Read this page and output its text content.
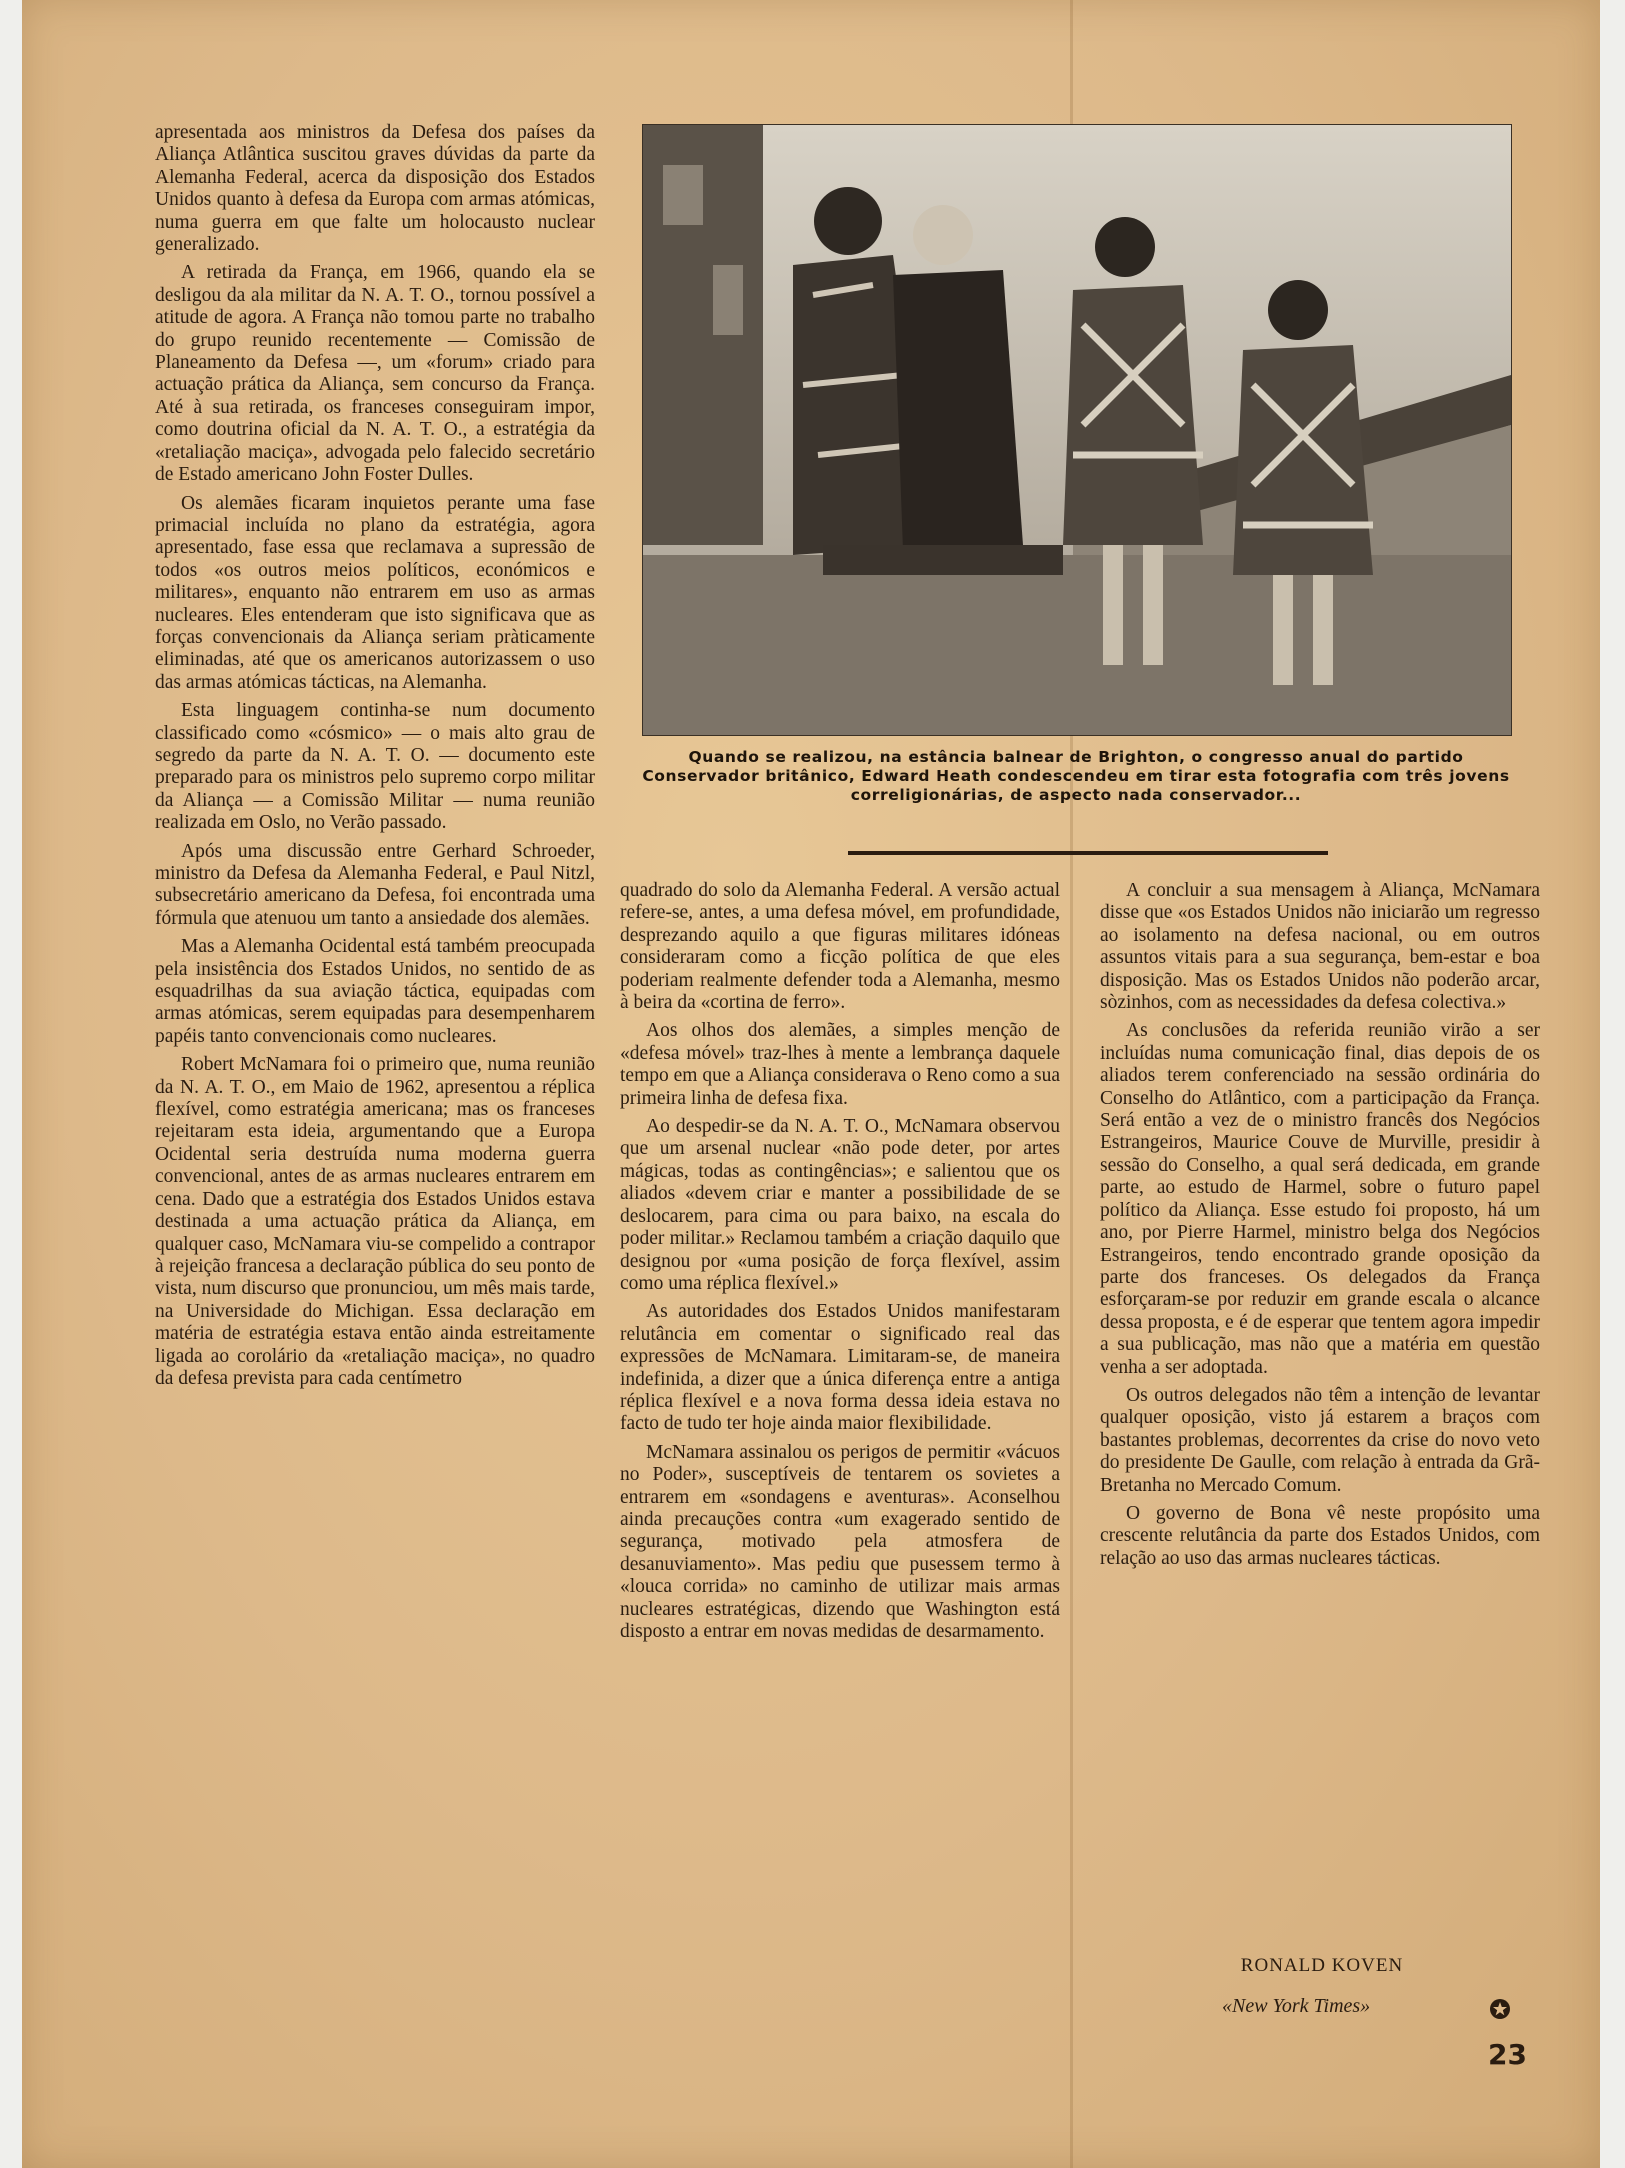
apresentada aos ministros da Defesa dos países da Aliança Atlântica suscitou graves dúvidas da parte da Alemanha Federal, acerca da disposição dos Estados Unidos quanto à defesa da Europa com armas atómicas, numa guerra em que falte um holocausto nuclear generalizado.

A retirada da França, em 1966, quando ela se desligou da ala militar da N. A. T. O., tornou possível a atitude de agora. A França não tomou parte no trabalho do grupo reunido recentemente — Comissão de Planeamento da Defesa —, um «forum» criado para actuação prática da Aliança, sem concurso da França. Até à sua retirada, os franceses conseguiram impor, como doutrina oficial da N. A. T. O., a estratégia da «retaliação maciça», advogada pelo falecido secretário de Estado americano John Foster Dulles.

Os alemães ficaram inquietos perante uma fase primacial incluída no plano da estratégia, agora apresentado, fase essa que reclamava a supressão de todos «os outros meios políticos, económicos e militares», enquanto não entrarem em uso as armas nucleares. Eles entenderam que isto significava que as forças convencionais da Aliança seriam pràticamente eliminadas, até que os americanos autorizassem o uso das armas atómicas tácticas, na Alemanha.

Esta linguagem continha-se num documento classificado como «cósmico» — o mais alto grau de segredo da parte da N. A. T. O. — documento este preparado para os ministros pelo supremo corpo militar da Aliança — a Comissão Militar — numa reunião realizada em Oslo, no Verão passado.

Após uma discussão entre Gerhard Schroeder, ministro da Defesa da Alemanha Federal, e Paul Nitzl, subsecretário americano da Defesa, foi encontrada uma fórmula que atenuou um tanto a ansiedade dos alemães.

Mas a Alemanha Ocidental está também preocupada pela insistência dos Estados Unidos, no sentido de as esquadrilhas da sua aviação táctica, equipadas com armas atómicas, serem equipadas para desempenharem papéis tanto convencionais como nucleares.

Robert McNamara foi o primeiro que, numa reunião da N. A. T. O., em Maio de 1962, apresentou a réplica flexível, como estratégia americana; mas os franceses rejeitaram esta ideia, argumentando que a Europa Ocidental seria destruída numa moderna guerra convencional, antes de as armas nucleares entrarem em cena. Dado que a estratégia dos Estados Unidos estava destinada a uma actuação prática da Aliança, em qualquer caso, McNamara viu-se compelido a contrapor à rejeição francesa a declaração pública do seu ponto de vista, num discurso que pronunciou, um mês mais tarde, na Universidade do Michigan. Essa declaração em matéria de estratégia estava então ainda estreitamente ligada ao corolário da «retaliação maciça», no quadro da defesa prevista para cada centímetro

Quando se realizou, na estância balnear de Brighton, o congresso anual do partido Conservador britânico, Edward Heath condescendeu em tirar esta fotografia com três jovens correligionárias, de aspecto nada conservador...

quadrado do solo da Alemanha Federal. A versão actual refere-se, antes, a uma defesa móvel, em profundidade, desprezando aquilo a que figuras militares idóneas consideraram como a ficção política de que eles poderiam realmente defender toda a Alemanha, mesmo à beira da «cortina de ferro».

Aos olhos dos alemães, a simples menção de «defesa móvel» traz-lhes à mente a lembrança daquele tempo em que a Aliança considerava o Reno como a sua primeira linha de defesa fixa.

Ao despedir-se da N. A. T. O., McNamara observou que um arsenal nuclear «não pode deter, por artes mágicas, todas as contingências»; e salientou que os aliados «devem criar e manter a possibilidade de se deslocarem, para cima ou para baixo, na escala do poder militar.» Reclamou também a criação daquilo que designou por «uma posição de força flexível, assim como uma réplica flexível.»

As autoridades dos Estados Unidos manifestaram relutância em comentar o significado real das expressões de McNamara. Limitaram-se, de maneira indefinida, a dizer que a única diferença entre a antiga réplica flexível e a nova forma dessa ideia estava no facto de tudo ter hoje ainda maior flexibilidade.

McNamara assinalou os perigos de permitir «vácuos no Poder», susceptíveis de tentarem os sovietes a entrarem em «sondagens e aventuras». Aconselhou ainda precauções contra «um exagerado sentido de segurança, motivado pela atmosfera de desanuviamento». Mas pediu que pusessem termo à «louca corrida» no caminho de utilizar mais armas nucleares estratégicas, dizendo que Washington está disposto a entrar em novas medidas de desarmamento.

A concluir a sua mensagem à Aliança, McNamara disse que «os Estados Unidos não iniciarão um regresso ao isolamento na defesa nacional, ou em outros assuntos vitais para a sua segurança, bem-estar e boa disposição. Mas os Estados Unidos não poderão arcar, sòzinhos, com as necessidades da defesa colectiva.»

As conclusões da referida reunião virão a ser incluídas numa comunicação final, dias depois de os aliados terem conferenciado na sessão ordinária do Conselho do Atlântico, com a participação da França. Será então a vez de o ministro francês dos Negócios Estrangeiros, Maurice Couve de Murville, presidir à sessão do Conselho, a qual será dedicada, em grande parte, ao estudo de Harmel, sobre o futuro papel político da Aliança. Esse estudo foi proposto, há um ano, por Pierre Harmel, ministro belga dos Negócios Estrangeiros, tendo encontrado grande oposição da parte dos franceses. Os delegados da França esforçaram-se por reduzir em grande escala o alcance dessa proposta, e é de esperar que tentem agora impedir a sua publicação, mas não que a matéria em questão venha a ser adoptada.

Os outros delegados não têm a intenção de levantar qualquer oposição, visto já estarem a braços com bastantes problemas, decorrentes da crise do novo veto do presidente De Gaulle, com relação à entrada da Grã-Bretanha no Mercado Comum.

O governo de Bona vê neste propósito uma crescente relutância da parte dos Estados Unidos, com relação ao uso das armas nucleares tácticas.

RONALD KOVEN
«New York Times»
23
